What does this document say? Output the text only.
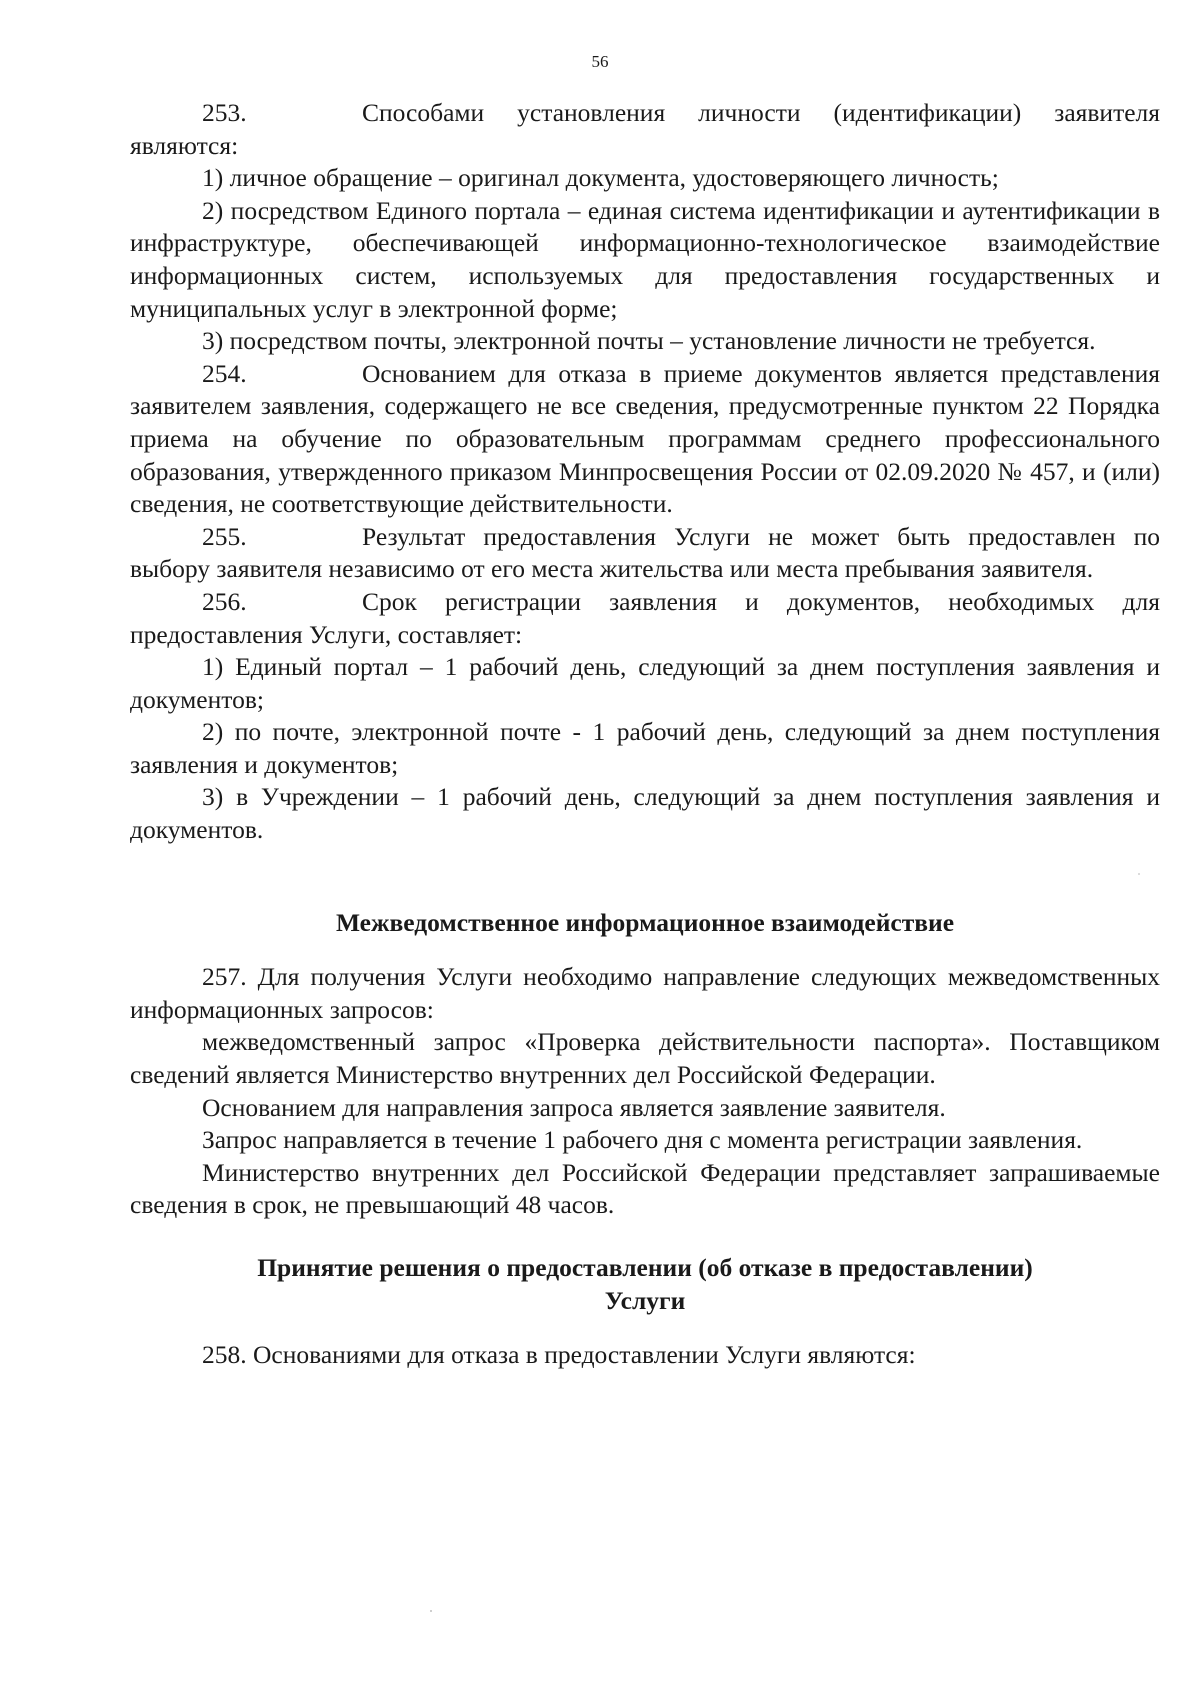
56

253.	Способами установления личности (идентификации) заявителя являются:

1) личное обращение – оригинал документа, удостоверяющего личность;

2) посредством Единого портала – единая система идентификации и аутентификации в инфраструктуре, обеспечивающей информационно-технологическое взаимодействие информационных систем, используемых для предоставления государственных и муниципальных услуг в электронной форме;

3) посредством почты, электронной почты – установление личности не требуется.

254.	Основанием для отказа в приеме документов является представления заявителем заявления, содержащего не все сведения, предусмотренные пунктом 22 Порядка приема на обучение по образовательным программам среднего профессионального образования, утвержденного приказом Минпросвещения России от 02.09.2020 № 457, и (или) сведения, не соответствующие действительности.

255.	Результат предоставления Услуги не может быть предоставлен по выбору заявителя независимо от его места жительства или места пребывания заявителя.

256.	Срок регистрации заявления и документов, необходимых для предоставления Услуги, составляет:

1) Единый портал – 1 рабочий день, следующий за днем поступления заявления и документов;

2) по почте, электронной почте - 1 рабочий день, следующий за днем поступления заявления и документов;

3) в Учреждении – 1 рабочий день, следующий за днем поступления заявления и документов.

Межведомственное информационное взаимодействие

257. Для получения Услуги необходимо направление следующих межведомственных информационных запросов:

межведомственный запрос «Проверка действительности паспорта». Поставщиком сведений является Министерство внутренних дел Российской Федерации.

Основанием для направления запроса является заявление заявителя.

Запрос направляется в течение 1 рабочего дня с момента регистрации заявления.

Министерство внутренних дел Российской Федерации представляет запрашиваемые сведения в срок, не превышающий 48 часов.

Принятие решения о предоставлении (об отказе в предоставлении)
Услуги

258. Основаниями для отказа в предоставлении Услуги являются:
